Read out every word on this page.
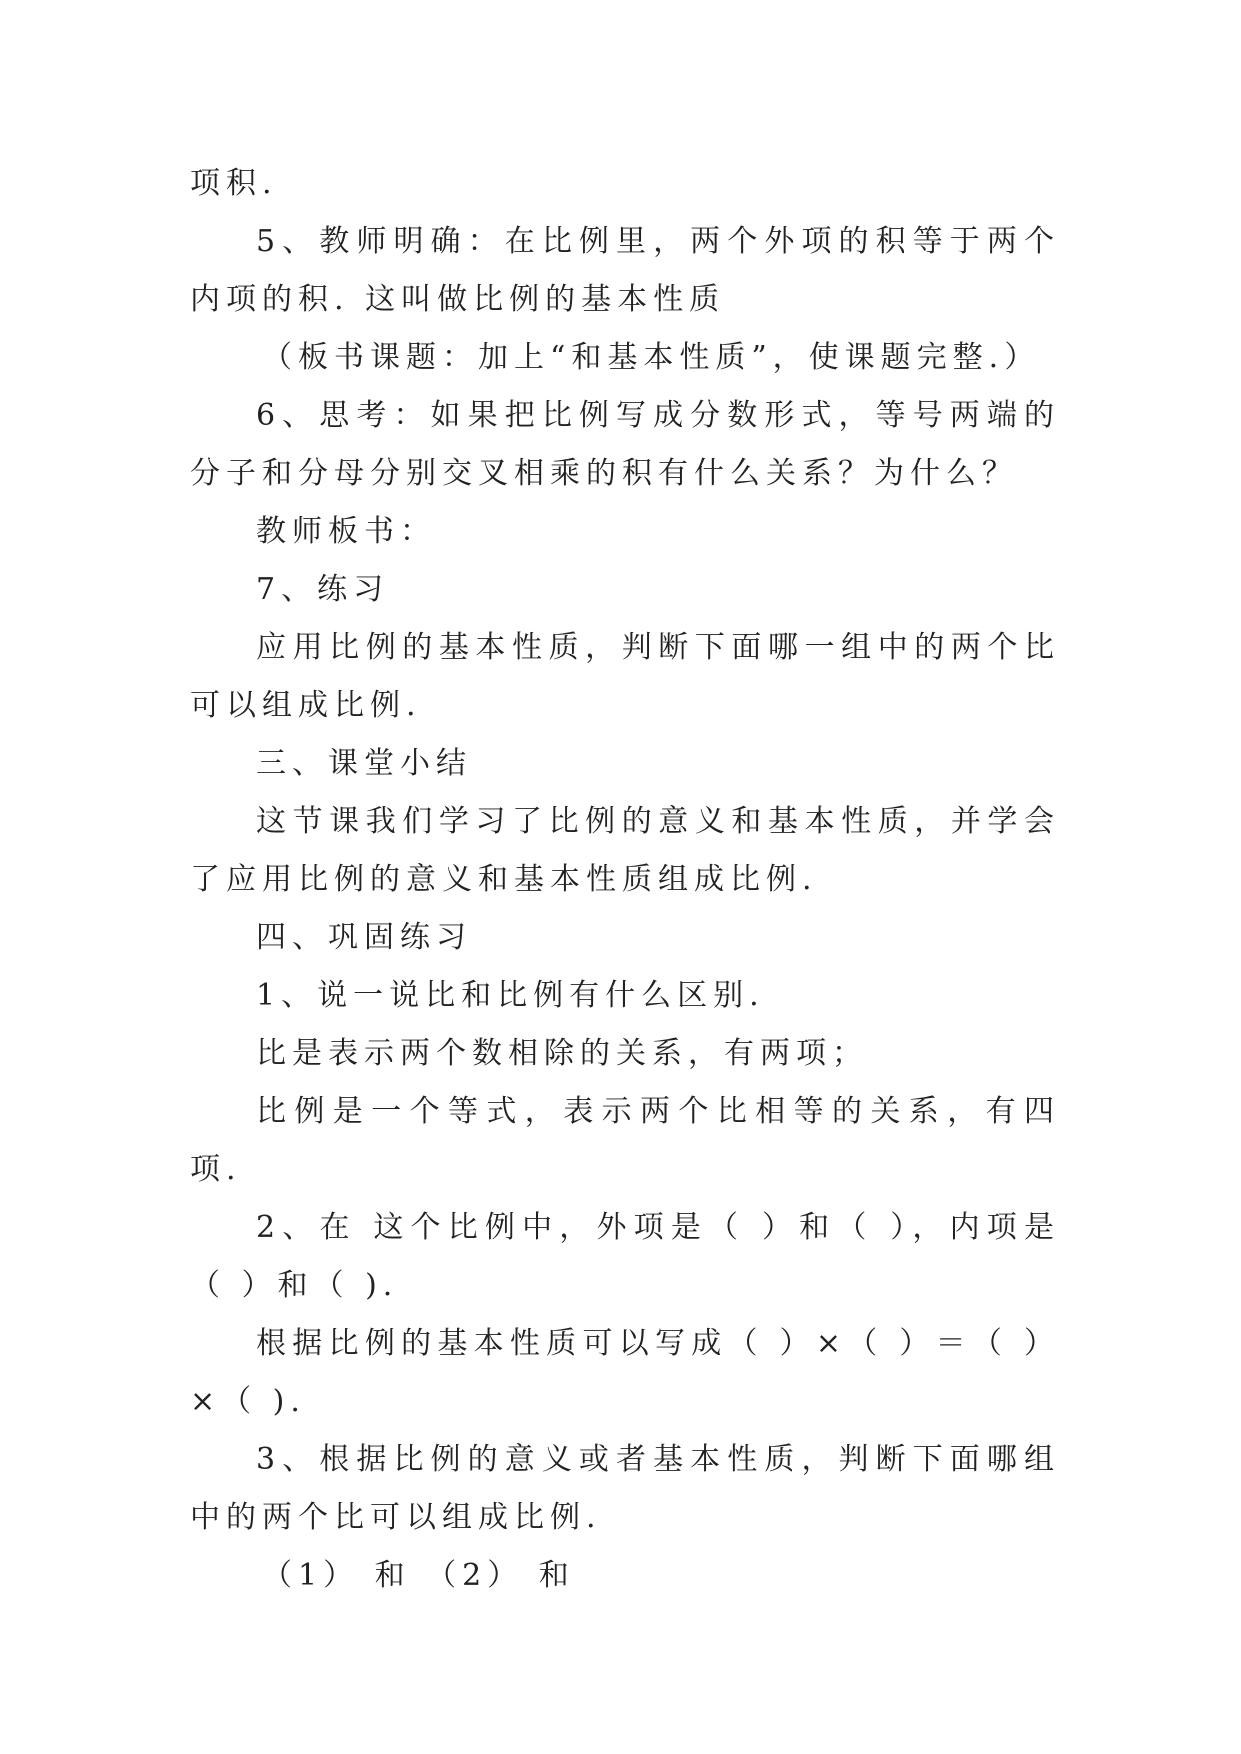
项积.

5、教师明确：在比例里，两个外项的积等于两个内项的积. 这叫做比例的基本性质

（板书课题：加上“和基本性质”，使课题完整.）

6、思考：如果把比例写成分数形式，等号两端的分子和分母分别交叉相乘的积有什么关系？为什么？

教师板书：

7、练习

应用比例的基本性质，判断下面哪一组中的两个比可以组成比例.

三、课堂小结

这节课我们学习了比例的意义和基本性质，并学会了应用比例的意义和基本性质组成比例.

四、巩固练习

1、说一说比和比例有什么区别.

比是表示两个数相除的关系，有两项；

比例是一个等式，表示两个比相等的关系，有四项.

2、在 这个比例中，外项是（ ）和（ ），内项是（ ）和（ ).

根据比例的基本性质可以写成（ ）×（ ）＝（ ）×（ ).

3、根据比例的意义或者基本性质，判断下面哪组中的两个比可以组成比例.

（1） 和 （2） 和
